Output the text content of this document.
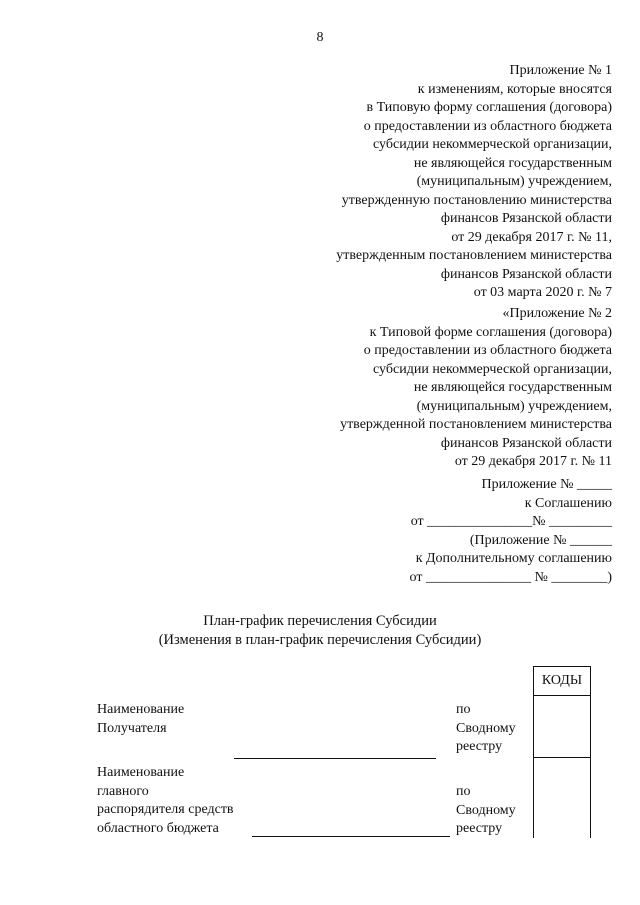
8
Приложение № 1
к изменениям, которые вносятся
в Типовую форму соглашения (договора)
о предоставлении из областного бюджета
субсидии некоммерческой организации,
не являющейся государственным
(муниципальным) учреждением,
утвержденную постановлению министерства
финансов Рязанской области
от 29 декабря 2017 г. № 11,
утвержденным постановлением министерства
финансов Рязанской области
от 03 марта 2020 г. № 7
«Приложение № 2
к Типовой форме соглашения (договора)
о предоставлении из областного бюджета
субсидии некоммерческой организации,
не являющейся государственным
(муниципальным) учреждением,
утвержденной постановлением министерства
финансов Рязанской области
от 29 декабря 2017 г. № 11
Приложение № _____
к Соглашению
от _______________№ _________
(Приложение № ______
к Дополнительному соглашению
от _______________ № ________)
План-график перечисления Субсидии
(Изменения в план-график перечисления Субсидии)
КОДЫ
Наименование
Получателя
по
Сводному
реестру
Наименование
главного
распорядителя средств
областного бюджета
по
Сводному
реестру
